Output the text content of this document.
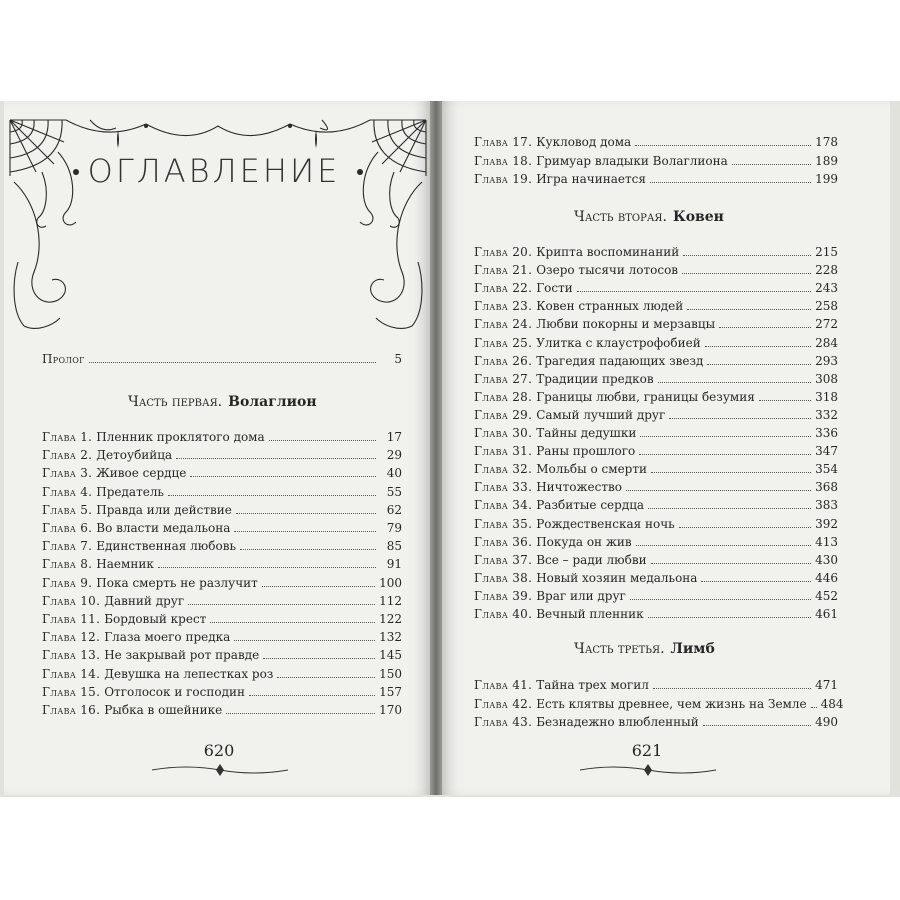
ОГЛАВЛЕНИЕ
Пролог	5
Часть первая. Волаглион
Глава 1. Пленник проклятого дома	17
Глава 2. Детоубийца	29
Глава 3. Живое сердце	40
Глава 4. Предатель	55
Глава 5. Правда или действие	62
Глава 6. Во власти медальона	79
Глава 7. Единственная любовь	85
Глава 8. Наемник	91
Глава 9. Пока смерть не разлучит	100
Глава 10. Давний друг	112
Глава 11. Бордовый крест	122
Глава 12. Глаза моего предка	132
Глава 13. Не закрывай рот правде	145
Глава 14. Девушка на лепестках роз	150
Глава 15. Отголосок и господин	157
Глава 16. Рыбка в ошейнике	170
620
Глава 17. Кукловод дома	178
Глава 18. Гримуар владыки Волаглиона	189
Глава 19. Игра начинается	199
Часть вторая. Ковен
Глава 20. Крипта воспоминаний	215
Глава 21. Озеро тысячи лотосов	228
Глава 22. Гости	243
Глава 23. Ковен странных людей	258
Глава 24. Любви покорны и мерзавцы	272
Глава 25. Улитка с клаустрофобией	284
Глава 26. Трагедия падающих звезд	293
Глава 27. Традиции предков	308
Глава 28. Границы любви, границы безумия	318
Глава 29. Самый лучший друг	332
Глава 30. Тайны дедушки	336
Глава 31. Раны прошлого	347
Глава 32. Мольбы о смерти	354
Глава 33. Ничтожество	368
Глава 34. Разбитые сердца	383
Глава 35. Рождественская ночь	392
Глава 36. Покуда он жив	413
Глава 37. Все – ради любви	430
Глава 38. Новый хозяин медальона	446
Глава 39. Враг или друг	452
Глава 40. Вечный пленник	461
Часть третья. Лимб
Глава 41. Тайна трех могил	471
Глава 42. Есть клятвы древнее, чем жизнь на Земле 484
Глава 43. Безнадежно влюбленный	490
621
